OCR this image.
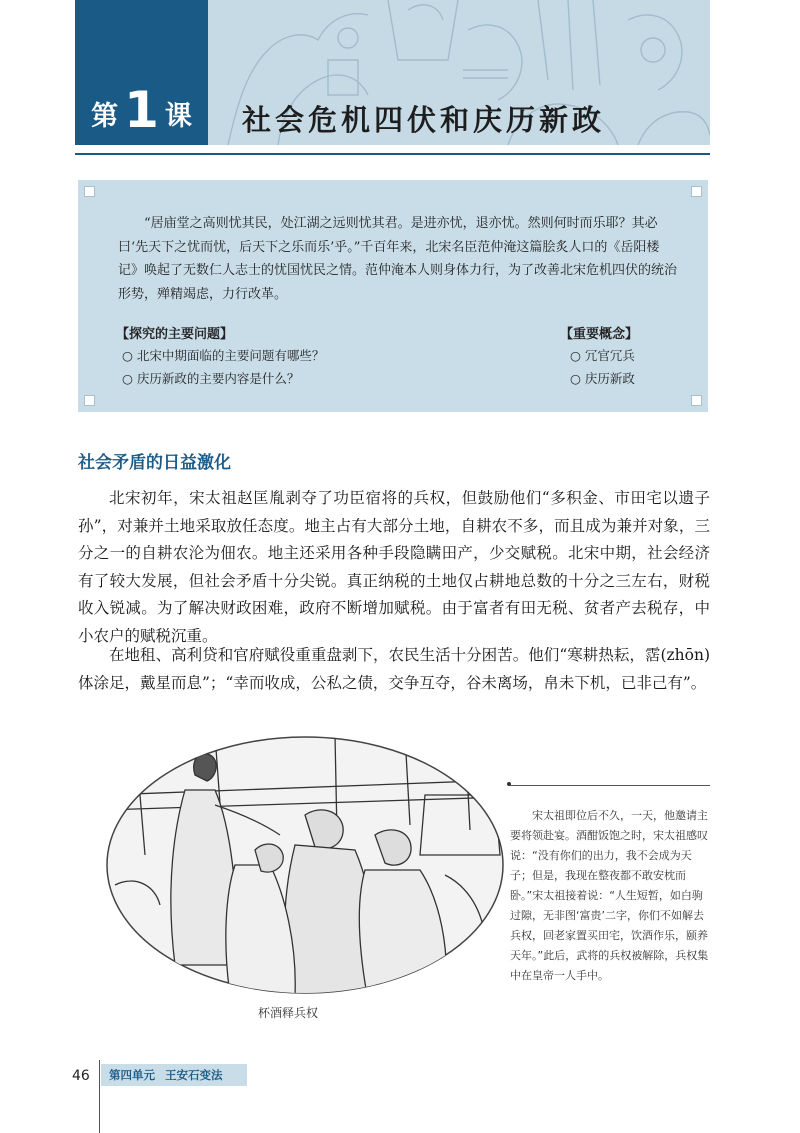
第 1 课 社会危机四伏和庆历新政

“居庙堂之高则忧其民，处江湖之远则忧其君。是进亦忧，退亦忧。然则何时而乐耶？其必曰‘先天下之忧而忧，后天下之乐而乐’乎。”千百年来，北宋名臣范仲淹这篇脍炙人口的《岳阳楼记》唤起了无数仁人志士的忧国忧民之情。范仲淹本人则身体力行，为了改善北宋危机四伏的统治形势，殚精竭虑，力行改革。

【探究的主要问题】
○ 北宋中期面临的主要问题有哪些？
○ 庆历新政的主要内容是什么？
【重要概念】
○ 冗官冗兵
○ 庆历新政
社会矛盾的日益激化

北宋初年，宋太祖赵匡胤剥夺了功臣宿将的兵权，但鼓励他们“多积金、市田宅以遗子孙”，对兼并土地采取放任态度。地主占有大部分土地，自耕农不多，而且成为兼并对象，三分之一的自耕农沦为佃农。地主还采用各种手段隐瞒田产，少交赋税。北宋中期，社会经济有了较大发展，但社会矛盾十分尖锐。真正纳税的土地仅占耕地总数的十分之三左右，财税收入锐减。为了解决财政困难，政府不断增加赋税。由于富者有田无税、贫者产去税存，中小农户的赋税沉重。

在地租、高利贷和官府赋役重重盘剥下，农民生活十分困苦。他们“寒耕热耘，霑(zhōn)体涂足，戴星而息”；“幸而收成，公私之债，交争互夺，谷未离场，帛未下机，已非己有”。

宋太祖即位后不久，一天，他邀请主要将领赴宴。酒酣饭饱之时，宋太祖感叹说：“没有你们的出力，我不会成为天子；但是，我现在整夜都不敢安枕而卧。”宋太祖接着说：“人生短暂，如白驹过隙，无非图‘富贵’二字，你们不如解去兵权，回老家置买田宅，饮酒作乐，颐养天年。”此后，武将的兵权被解除，兵权集中在皇帝一人手中。

杯酒释兵权
46	第四单元 王安石变法
